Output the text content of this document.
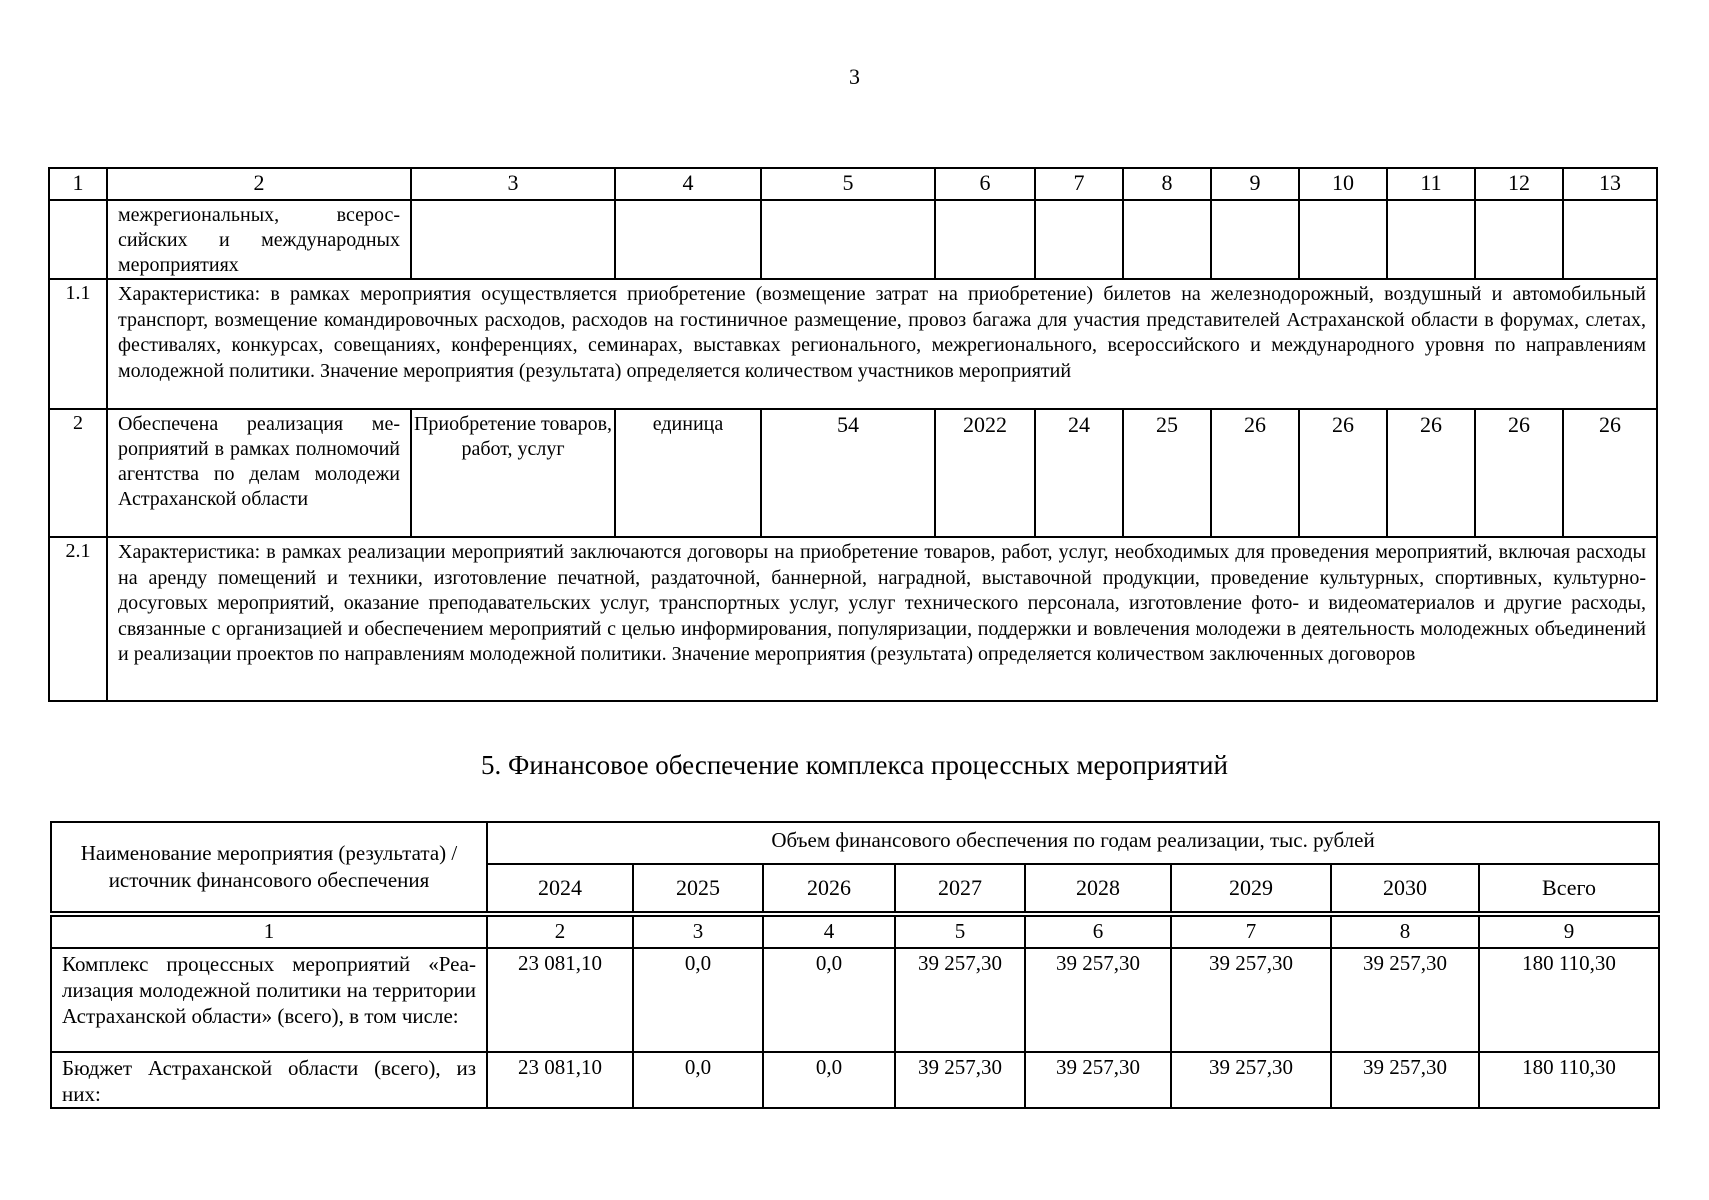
3
1	2	3	4	5	6	7	8	9	10	11	12	13
	межрегиональных, всероссийских и международных мероприятиях											
1.1	Характеристика: в рамках мероприятия осуществляется приобретение (возмещение затрат на приобретение) билетов на железнодорожный, воздушный и автомобильный транспорт, возмещение командировочных расходов, расходов на гостиничное размещение, провоз багажа для участия представителей Астраханской области в форумах, слетах, фестивалях, конкурсах, совещаниях, конференциях, семинарах, выставках регионального, межрегионального, всероссийского и международного уровня по направлениям молодежной политики. Значение мероприятия (результата) определяется количеством участников мероприятий											
2	Обеспечена реализация мероприятий в рамках полномочий агентства по делам молодежи Астраханской области	Приобретение товаров, работ, услуг	единица	54	2022	24	25	26	26	26	26	26
2.1	Характеристика: в рамках реализации мероприятий заключаются договоры на приобретение товаров, работ, услуг, необходимых для проведения мероприятий, включая расходы на аренду помещений и техники, изготовление печатной, раздаточной, баннерной, наградной, выставочной продукции, проведение культурных, спортивных, культурно-досуговых мероприятий, оказание преподавательских услуг, транспортных услуг, услуг технического персонала, изготовление фото- и видеоматериалов и другие расходы, связанные с организацией и обеспечением мероприятий с целью информирования, популяризации, поддержки и вовлечения молодежи в деятельность молодежных объединений и реализации проектов по направлениям молодежной политики. Значение мероприятия (результата) определяется количеством заключенных договоров											
5. Финансовое обеспечение комплекса процессных мероприятий
Наименование мероприятия (результата) / источник финансового обеспечения	Объем финансового обеспечения по годам реализации, тыс. рублей							
	2024	2025	2026	2027	2028	2029	2030	Всего

1	2	3	4	5	6	7	8	9
Комплекс процессных мероприятий «Реализация молодежной политики на территории Астраханской области» (всего), в том числе:	23 081,10	0,0	0,0	39 257,30	39 257,30	39 257,30	39 257,30	180 110,30
Бюджет Астраханской области (всего), из них:	23 081,10	0,0	0,0	39 257,30	39 257,30	39 257,30	39 257,30	180 110,30
